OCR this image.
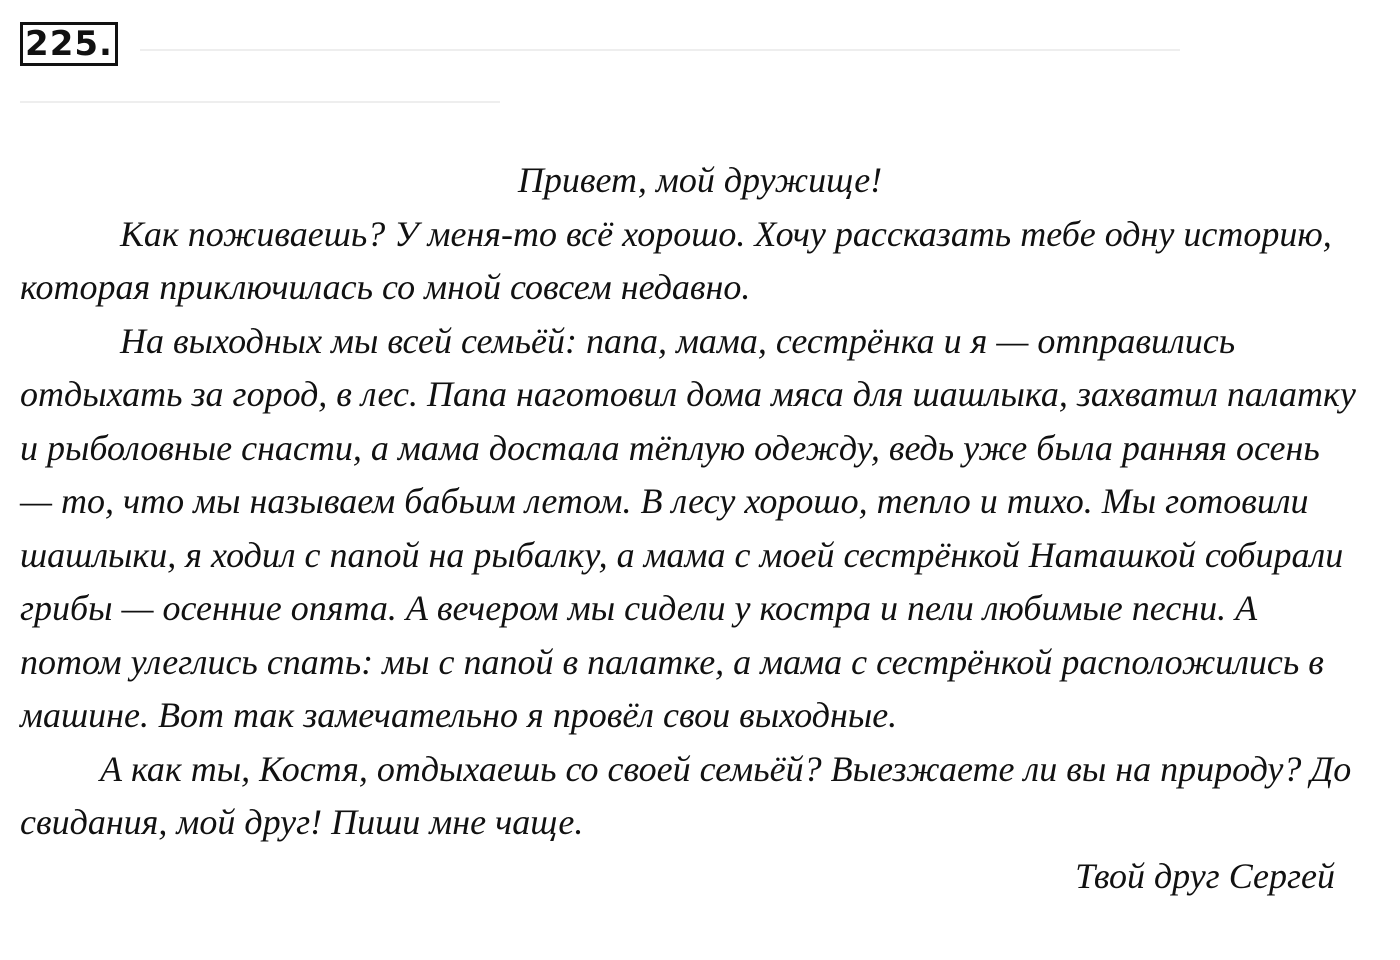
225.

Привет, мой дружище!

Как поживаешь? У меня-то всё хорошо. Хочу рассказать тебе одну историю, которая приключилась со мной совсем недавно.

На выходных мы всей семьёй: папа, мама, сестрёнка и я — отправились отдыхать за город, в лес. Папа наготовил дома мяса для шашлыка, захватил палатку и рыболовные снасти, а мама достала тёплую одежду, ведь уже была ранняя осень — то, что мы называем бабьим летом. В лесу хорошо, тепло и тихо. Мы готовили шашлыки, я ходил с папой на рыбалку, а мама с моей сестрёнкой Наташкой собирали грибы — осенние опята. А вечером мы сидели у костра и пели любимые песни. А потом улеглись спать: мы с папой в палатке, а мама с сестрёнкой расположились в машине. Вот так замечательно я провёл свои выходные.

А как ты, Костя, отдыхаешь со своей семьёй? Выезжаете ли вы на природу? До свидания, мой друг! Пиши мне чаще.

Твой друг Сергей
